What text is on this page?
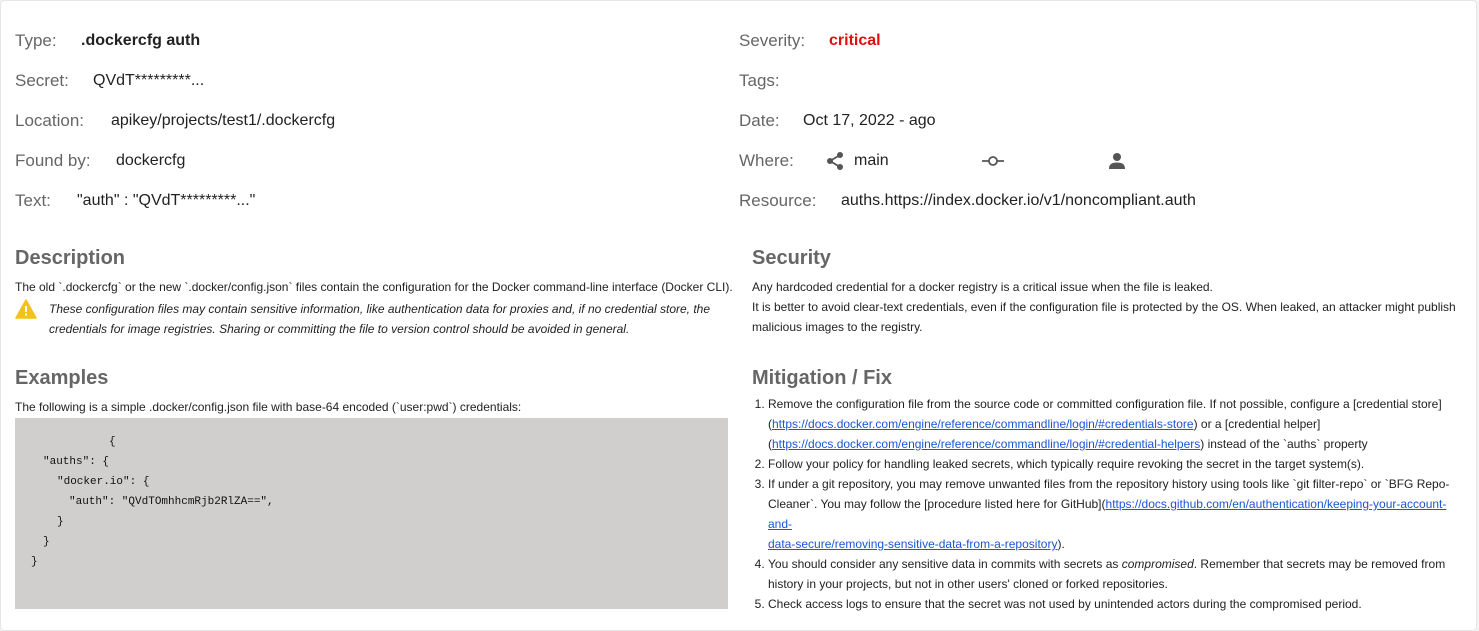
Type:	.dockercfg auth
Secret:	QVdT*********...
Location:	apikey/projects/test1/.dockercfg
Found by:	dockercfg
Text:	"auth" : "QVdT*********..."
Severity:	critical
Tags:
Date:	Oct 17, 2022 - ago
Where:	main
Resource:	auths.https://index.docker.io/v1/noncompliant.auth
Description
The old `.dockercfg` or the new `.docker/config.json` files contain the configuration for the Docker command-line interface (Docker CLI).
These configuration files may contain sensitive information, like authentication data for proxies and, if no credential store, the
credentials for image registries. Sharing or committing the file to version control should be avoided in general.
Examples
The following is a simple .docker/config.json file with base-64 encoded (`user:pwd`) credentials:
{
"auths": {
"docker.io": {
"auth": "QVdTOmhhcmRjb2RlZA==",
}
}
}
Security
Any hardcoded credential for a docker registry is a critical issue when the file is leaked.
It is better to avoid clear-text credentials, even if the configuration file is protected by the OS. When leaked, an attacker might publish
malicious images to the registry.
Mitigation / Fix
1. Remove the configuration file from the source code or committed configuration file. If not possible, configure a [credential store]
(https://docs.docker.com/engine/reference/commandline/login/#credentials-store) or a [credential helper]
(https://docs.docker.com/engine/reference/commandline/login/#credential-helpers) instead of the `auths` property
2. Follow your policy for handling leaked secrets, which typically require revoking the secret in the target system(s).
3. If under a git repository, you may remove unwanted files from the repository history using tools like `git filter-repo` or `BFG Repo-
Cleaner`. You may follow the [procedure listed here for GitHub](https://docs.github.com/en/authentication/keeping-your-account-and-
data-secure/removing-sensitive-data-from-a-repository).
4. You should consider any sensitive data in commits with secrets as compromised. Remember that secrets may be removed from
history in your projects, but not in other users' cloned or forked repositories.
5. Check access logs to ensure that the secret was not used by unintended actors during the compromised period.
